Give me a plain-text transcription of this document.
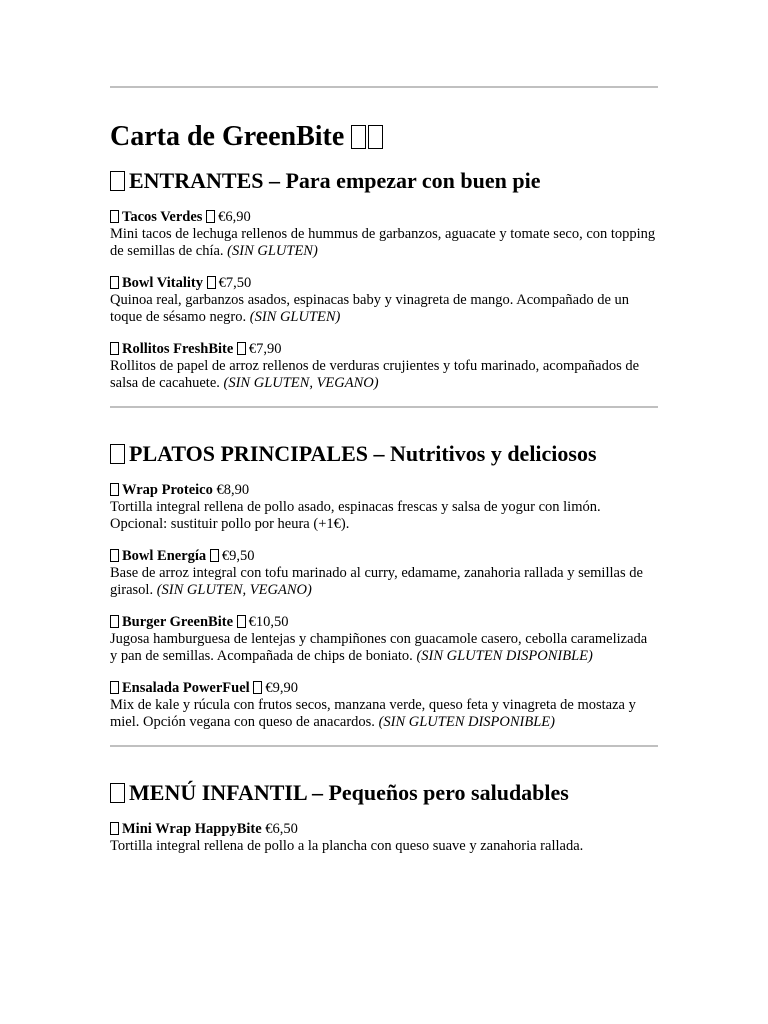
Carta de GreenBite
ENTRANTES – Para empezar con buen pie
Tacos Verdes €6,90
Mini tacos de lechuga rellenos de hummus de garbanzos, aguacate y tomate seco, con topping de semillas de chía. (SIN GLUTEN)
Bowl Vitality €7,50
Quinoa real, garbanzos asados, espinacas baby y vinagreta de mango. Acompañado de un toque de sésamo negro. (SIN GLUTEN)
Rollitos FreshBite €7,90
Rollitos de papel de arroz rellenos de verduras crujientes y tofu marinado, acompañados de salsa de cacahuete. (SIN GLUTEN, VEGANO)
PLATOS PRINCIPALES – Nutritivos y deliciosos
Wrap Proteico €8,90
Tortilla integral rellena de pollo asado, espinacas frescas y salsa de yogur con limón. Opcional: sustituir pollo por heura (+1€).
Bowl Energía €9,50
Base de arroz integral con tofu marinado al curry, edamame, zanahoria rallada y semillas de girasol. (SIN GLUTEN, VEGANO)
Burger GreenBite €10,50
Jugosa hamburguesa de lentejas y champiñones con guacamole casero, cebolla caramelizada y pan de semillas. Acompañada de chips de boniato. (SIN GLUTEN DISPONIBLE)
Ensalada PowerFuel €9,90
Mix de kale y rúcula con frutos secos, manzana verde, queso feta y vinagreta de mostaza y miel. Opción vegana con queso de anacardos. (SIN GLUTEN DISPONIBLE)
MENÚ INFANTIL – Pequeños pero saludables
Mini Wrap HappyBite €6,50
Tortilla integral rellena de pollo a la plancha con queso suave y zanahoria rallada.
